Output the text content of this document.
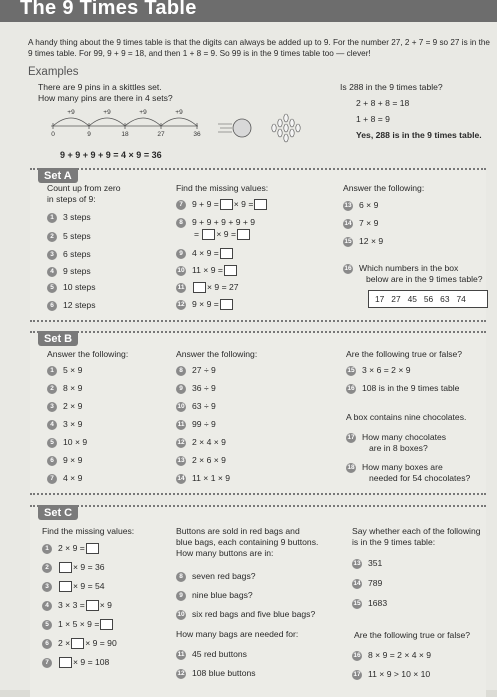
The 9 Times Table
A handy thing about the 9 times table is that the digits can always be added up to 9. For the number 27, 2 + 7 = 9 so 27 is in the 9 times table. For 99, 9 + 9 = 18, and then 1 + 8 = 9. So 99 is in the 9 times table too — clever!
Examples
There are 9 pins in a skittles set.
How many pins are there in 4 sets?
+9	+9	+9	+9
0	9	18	27	36
9 + 9 + 9 + 9 = 4 × 9 = 36
Is 288 in the 9 times table?
2 + 8 + 8 = 18
1 + 8 = 9
Yes, 288 is in the 9 times table.
Set A
Count up from zero
in steps of 9:
1 3 steps
2 5 steps
3 6 steps
4 9 steps
5 10 steps
6 12 steps
Find the missing values:
7 9 + 9 = × 9 =
8 9 + 9 + 9 + 9 + 9
= × 9 =
9 4 × 9 =
10 11 × 9 =
11	× 9 = 27
12 9 × 9 =
Answer the following:
13 6 × 9
14 7 × 9
15 12 × 9
16 Which numbers in the box
below are in the 9 times table?
17   27   45   56   63   74
Set B
Answer the following:
1 5 × 9
2 8 × 9
3 2 × 9
4 3 × 9
5 10 × 9
6 9 × 9
7 4 × 9
Answer the following:
8 27 ÷ 9
9 36 ÷ 9
10 63 ÷ 9
11 99 ÷ 9
12 2 × 4 × 9
13 2 × 6 × 9
14 11 × 1 × 9
Are the following true or false?
15 3 × 6 = 2 × 9
16 108 is in the 9 times table
A box contains nine chocolates.
17 How many chocolates
are in 8 boxes?
18 How many boxes are
needed for 54 chocolates?
Set C
Find the missing values:
1 2 × 9 =
2	× 9 = 36
3	× 9 = 54
4 3 × 3 = × 9
5 1 × 5 × 9 =
6 2 × × 9 = 90
7	× 9 = 108
Buttons are sold in red bags and
blue bags, each containing 9 buttons.
How many buttons are in:
8 seven red bags?
9 nine blue bags?
10 six red bags and five blue bags?
How many bags are needed for:
11 45 red buttons
12 108 blue buttons
Say whether each of the following
is in the 9 times table:
13 351
14 789
15 1683
Are the following true or false?
16 8 × 9 = 2 × 4 × 9
17 11 × 9 > 10 × 10
